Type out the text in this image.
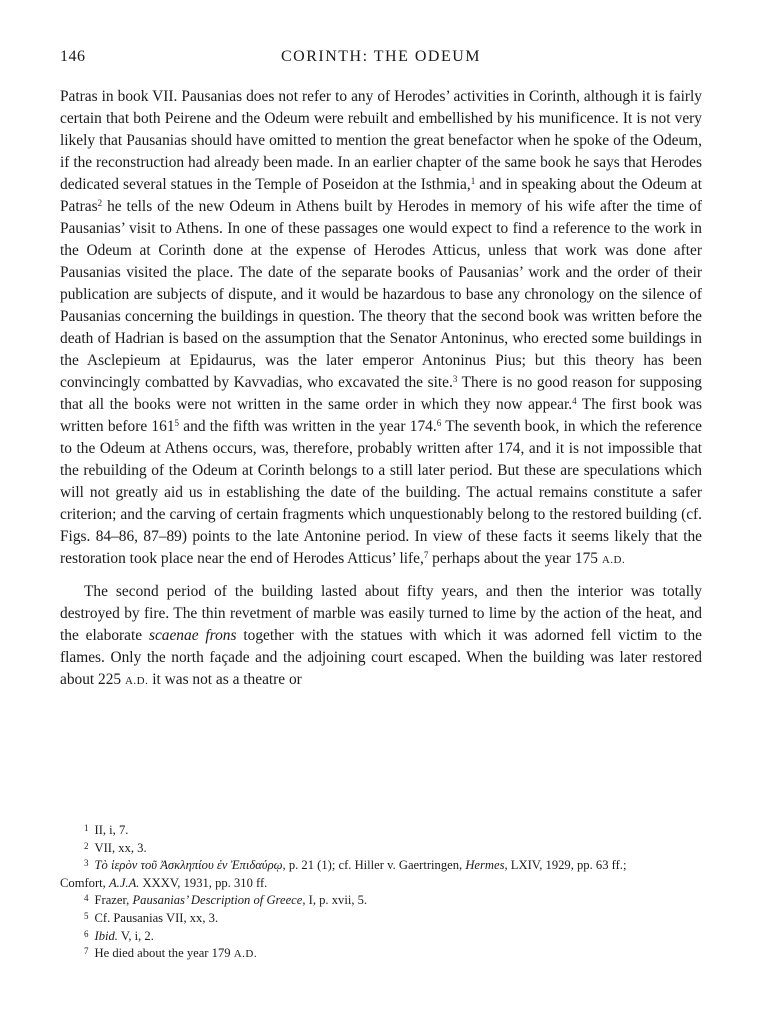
146	CORINTH: THE ODEUM

Patras in book VII. Pausanias does not refer to any of Herodes’ activities in Corinth, although it is fairly certain that both Peirene and the Odeum were rebuilt and embellished by his munificence. It is not very likely that Pausanias should have omitted to mention the great benefactor when he spoke of the Odeum, if the reconstruction had already been made. In an earlier chapter of the same book he says that Herodes dedicated several statues in the Temple of Poseidon at the Isthmia,$^1$ and in speaking about the Odeum at Patras$^2$ he tells of the new Odeum in Athens built by Herodes in memory of his wife after the time of Pausanias’ visit to Athens. In one of these passages one would expect to find a reference to the work in the Odeum at Corinth done at the expense of Herodes Atticus, unless that work was done after Pausanias visited the place. The date of the separate books of Pausanias’ work and the order of their publication are subjects of dispute, and it would be hazardous to base any chronology on the silence of Pausanias concerning the buildings in question. The theory that the second book was written before the death of Hadrian is based on the assumption that the Senator Antoninus, who erected some buildings in the Asclepieum at Epidaurus, was the later emperor Antoninus Pius; but this theory has been convincingly combatted by Kavvadias, who excavated the site.$^3$ There is no good reason for supposing that all the books were not written in the same order in which they now appear.$^4$ The first book was written before $161^5$ and the fifth was written in the year 174.$^6$ The seventh book, in which the reference to the Odeum at Athens occurs, was, therefore, probably written after 174, and it is not impossible that the rebuilding of the Odeum at Corinth belongs to a still later period. But these are speculations which will not greatly aid us in establishing the date of the building. The actual remains constitute a safer criterion; and the carving of certain fragments which unquestionably belong to the restored building (cf. Figs. 84–86, 87–89) points to the late Antonine period. In view of these facts it seems likely that the restoration took place near the end of Herodes Atticus’ life,$^7$ perhaps about the year 175 A.D.

The second period of the building lasted about fifty years, and then the interior was totally destroyed by fire. The thin revetment of marble was easily turned to lime by the action of the heat, and the elaborate scaenae frons together with the statues with which it was adorned fell victim to the flames. Only the north façade and the adjoining court escaped. When the building was later restored about 225 A.D. it was not as a theatre or

$^1$ II, i, 7.
$^2$ VII, xx, 3.
$^3$ Τὸ ἱερὸν τοῦ Ἀσκληπίου ἐν Ἐπιδαύρῳ, p. 21 (1); cf. Hiller v. Gaertringen, Hermes, LXIV, 1929, pp. 63 ff.;
Comfort, A.J.A. XXXV, 1931, pp. 310 ff.
$^4$ Frazer, Pausanias’ Description of Greece, I, p. xvii, 5.
$^5$ Cf. Pausanias VII, xx, 3.
$^6$ Ibid. V, i, 2.
$^7$ He died about the year 179 A.D.
